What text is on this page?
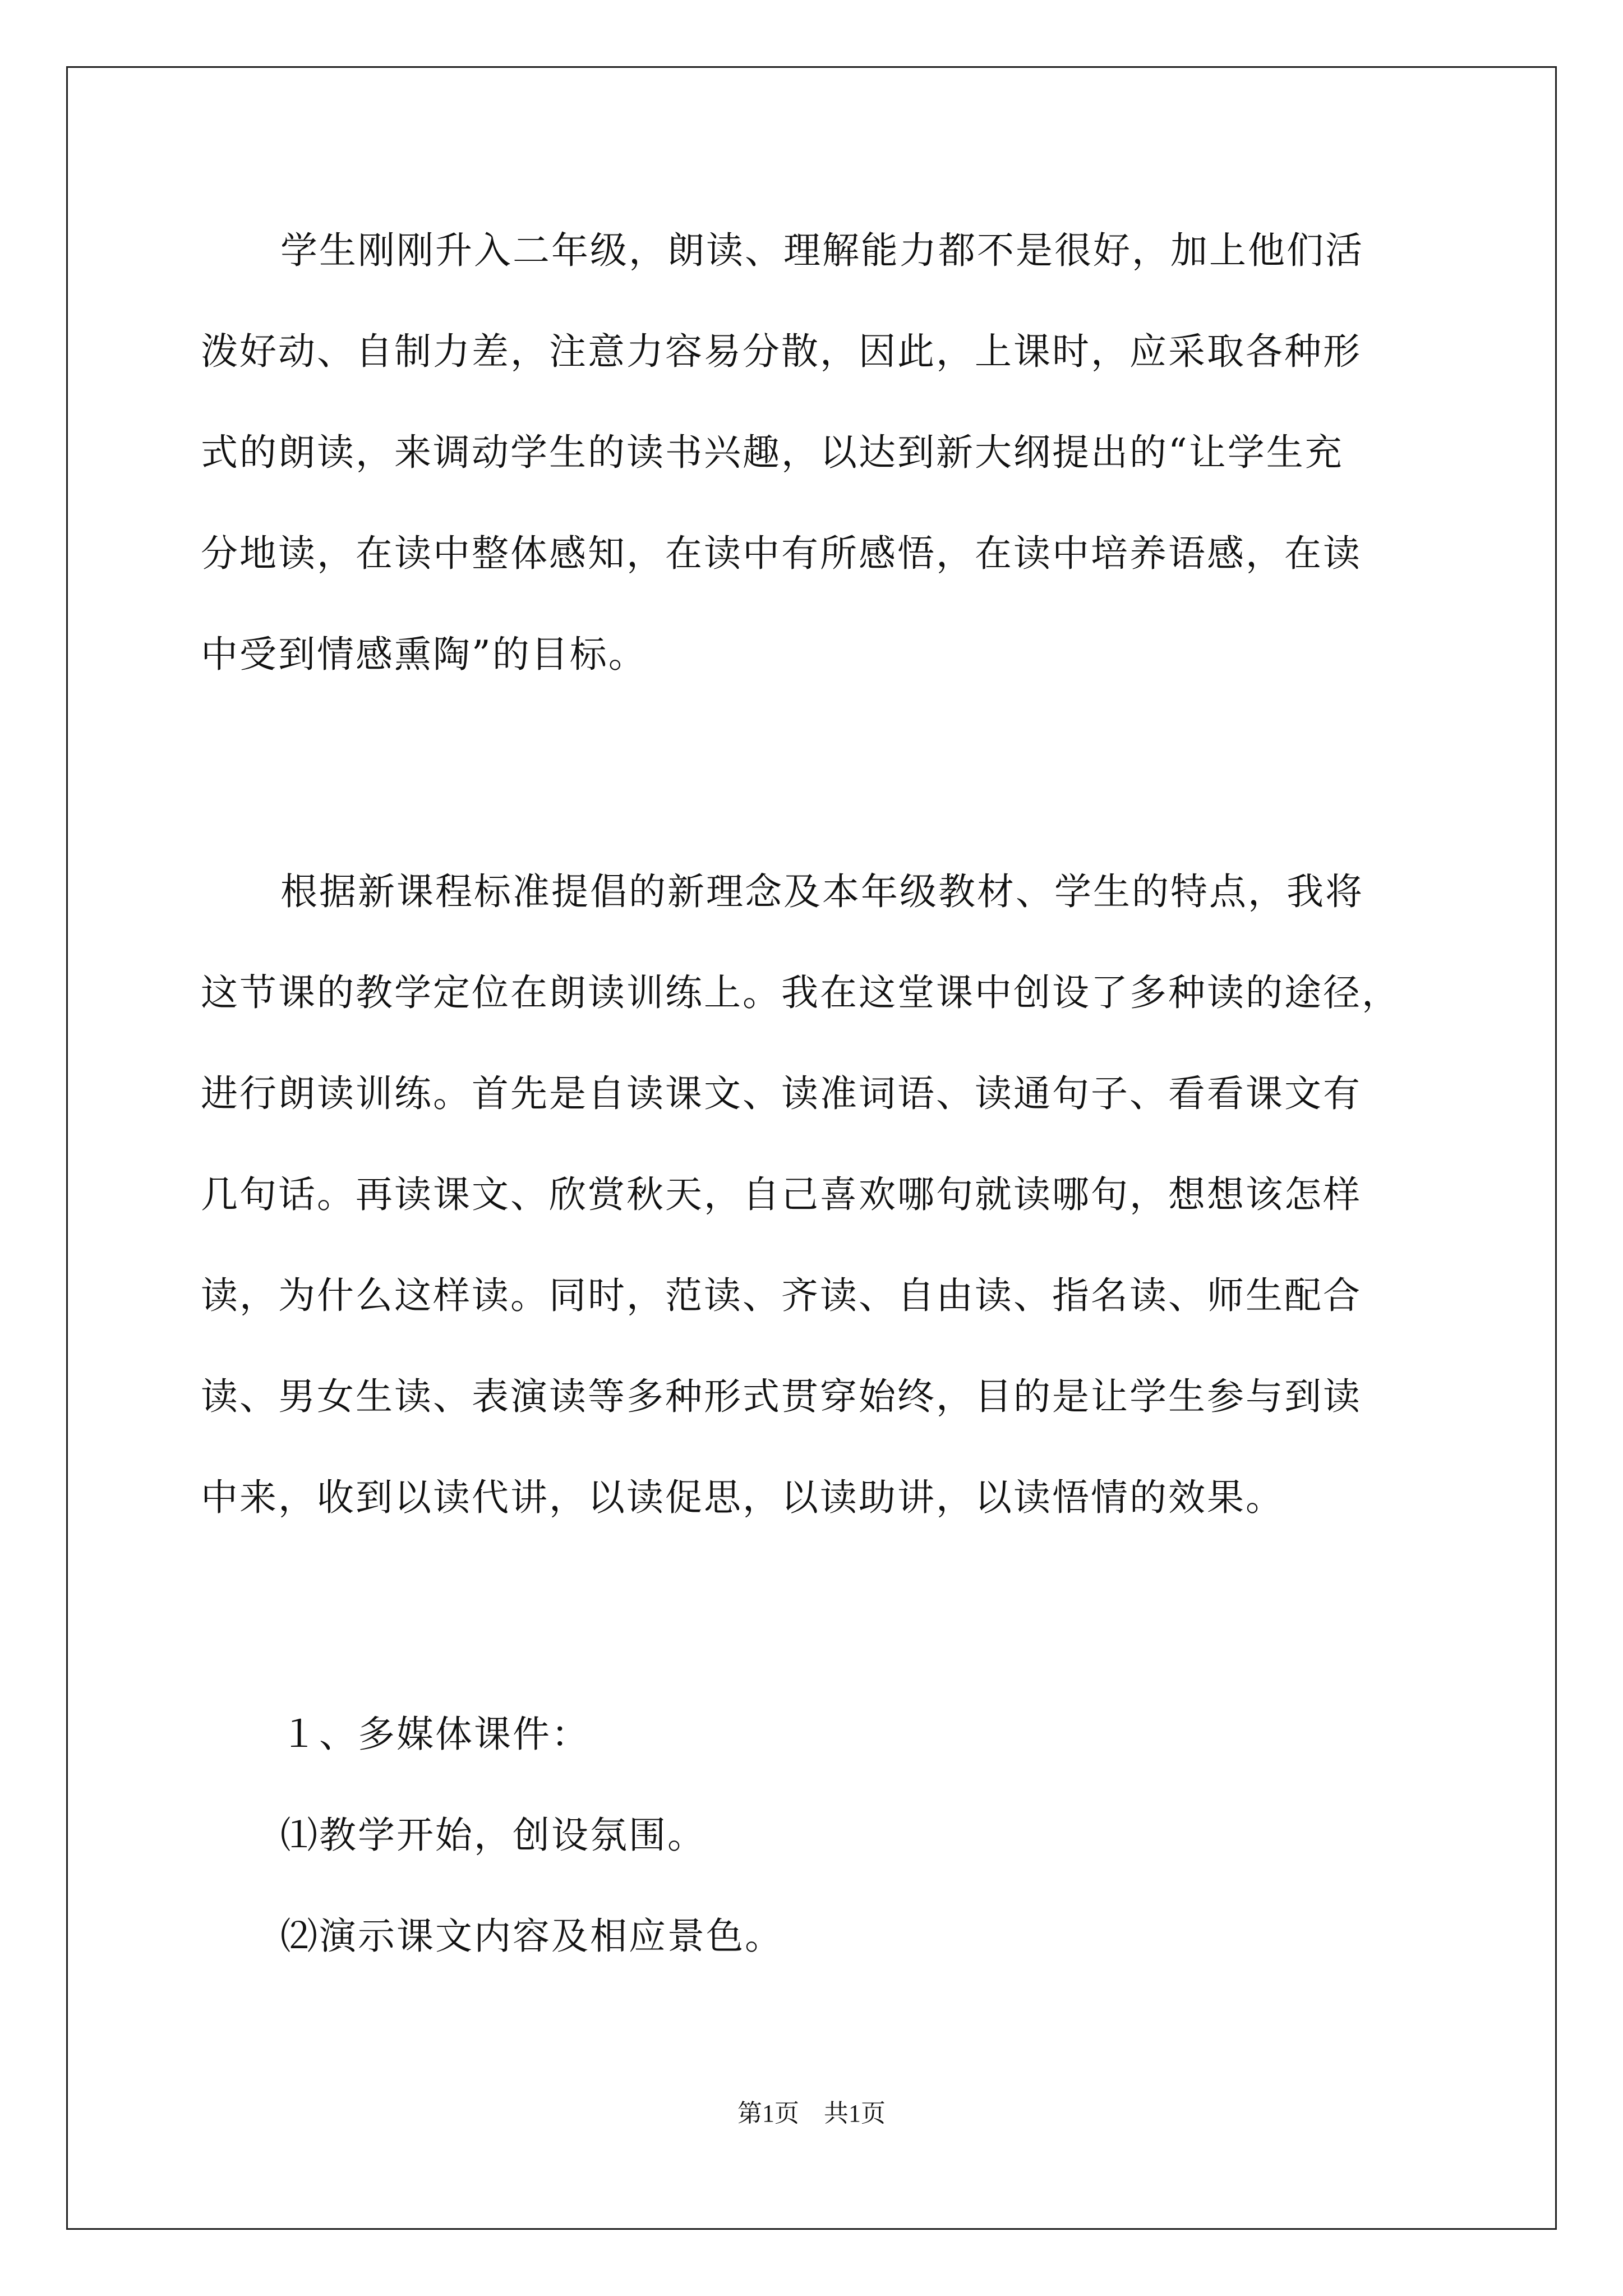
学生刚刚升入二年级，朗读、理解能力都不是很好，加上他们活
泼好动、自制力差，注意力容易分散，因此，上课时，应采取各种形
式的朗读，来调动学生的读书兴趣，以达到新大纲提出的“让学生充
分地读，在读中整体感知，在读中有所感悟，在读中培养语感，在读
中受到情感熏陶”的目标。
根据新课程标准提倡的新理念及本年级教材、学生的特点，我将
这节课的教学定位在朗读训练上。我在这堂课中创设了多种读的途径，
进行朗读训练。首先是自读课文、读准词语、读通句子、看看课文有
几句话。再读课文、欣赏秋天，自己喜欢哪句就读哪句，想想该怎样
读，为什么这样读。同时，范读、齐读、自由读、指名读、师生配合
读、男女生读、表演读等多种形式贯穿始终，目的是让学生参与到读
中来，收到以读代讲，以读促思，以读助讲，以读悟情的效果。
１、多媒体课件：
⑴教学开始，创设氛围。
⑵演示课文内容及相应景色。
第1页　共1页
